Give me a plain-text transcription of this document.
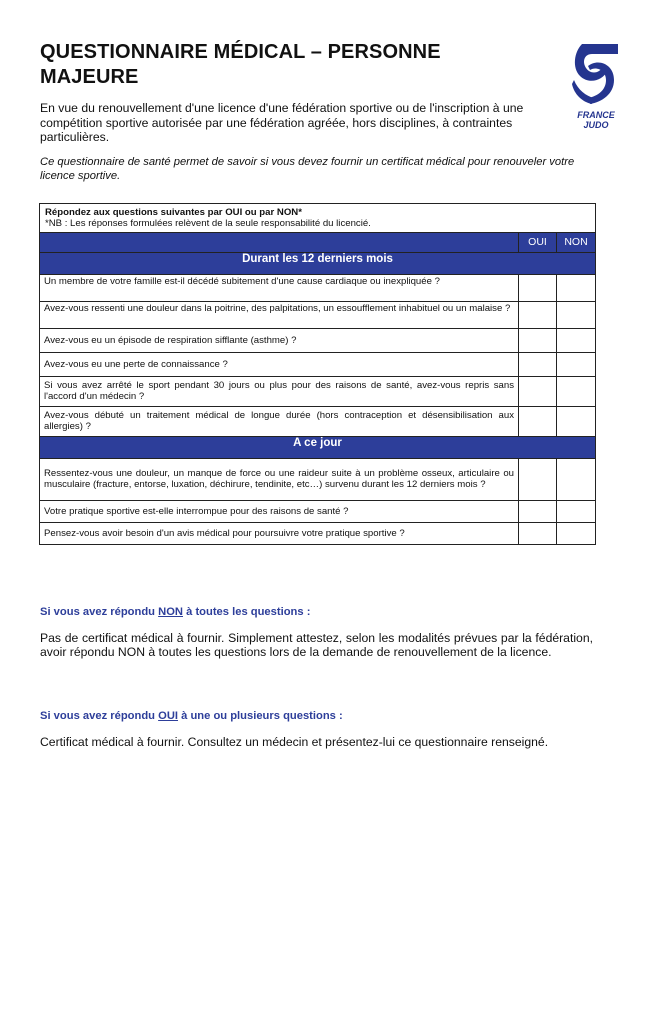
QUESTIONNAIRE MÉDICAL – PERSONNE MAJEURE
FRANCE
JUDO
En vue du renouvellement d'une licence d'une fédération sportive ou de l'inscription à une compétition sportive autorisée par une fédération agréée, hors disciplines, à contraintes particulières.
Ce questionnaire de santé permet de savoir si vous devez fournir un certificat médical pour renouveler votre licence sportive.
Répondez aux questions suivantes par OUI ou par NON*
*NB : Les réponses formulées relèvent de la seule responsabilité du licencié.		

	OUI	NON
Durant les 12 derniers mois		
Un membre de votre famille est-il décédé subitement d'une cause cardiaque ou inexpliquée ?		
Avez-vous ressenti une douleur dans la poitrine, des palpitations, un essoufflement inhabituel ou un malaise ?		
Avez-vous eu un épisode de respiration sifflante (asthme) ?		
Avez-vous eu une perte de connaissance ?		
Si vous avez arrêté le sport pendant 30 jours ou plus pour des raisons de santé, avez-vous repris sans l'accord d'un médecin ?		
Avez-vous débuté un traitement médical de longue durée (hors contraception et désensibilisation aux allergies) ?		
A ce jour		
Ressentez-vous une douleur, un manque de force ou une raideur suite à un problème osseux, articulaire ou musculaire (fracture, entorse, luxation, déchirure, tendinite, etc…) survenu durant les 12 derniers mois ?		
Votre pratique sportive est-elle interrompue pour des raisons de santé ?		
Pensez-vous avoir besoin d'un avis médical pour poursuivre votre pratique sportive ?		
Si vous avez répondu NON à toutes les questions :
Pas de certificat médical à fournir. Simplement attestez, selon les modalités prévues par la fédération, avoir répondu NON à toutes les questions lors de la demande de renouvellement de la licence.
Si vous avez répondu OUI à une ou plusieurs questions :
Certificat médical à fournir. Consultez un médecin et présentez-lui ce questionnaire renseigné.
